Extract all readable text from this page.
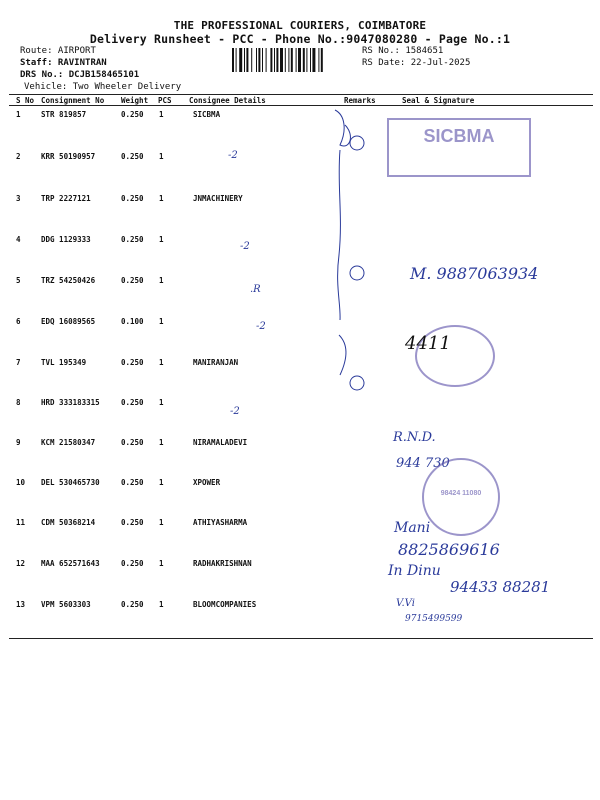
THE PROFESSIONAL COURIERS, COIMBATORE
Delivery Runsheet - PCC - Phone No.:9047080280 - Page No.:1
Route: AIRPORT
Staff: RAVINTRAN
DRS No.: DCJB158465101
Vehicle: Two Wheeler Delivery
RS No.: 1584651
RS Date: 22-Jul-2025
S No Consignment No Weight PCS Consignee Details	Remarks	Seal & Signature
1	STR 819857	0.250 1	SICBMA
2	KRR 50190957	0.250 1
3	TRP 2227121	0.250 1	JNMACHINERY
4	DDG 1129333	0.250 1
5	TRZ 54250426	0.250 1
6	EDQ 16089565	0.100 1
7	TVL 195349	0.250 1	MANIRANJAN
8	HRD 333183315	0.250 1
9	KCM 21580347	0.250 1	NIRAMALADEVI
10 DEL 530465730	0.250 1	XPOWER
11 CDM 50368214	0.250 1	ATHIYASHARMA
12 MAA 652571643	0.250 1	RADHAKRISHNAN
13 VPM 5603303	0.250 1	BLOOMCOMPANIES
-2
-2
.R
-2
-2
SICBMA
M. 9887063934
4411
R.N.D.
944 730
98424 11080
Mani
8825869616
In Dinu
94433 88281
V.Vi
9715499599
